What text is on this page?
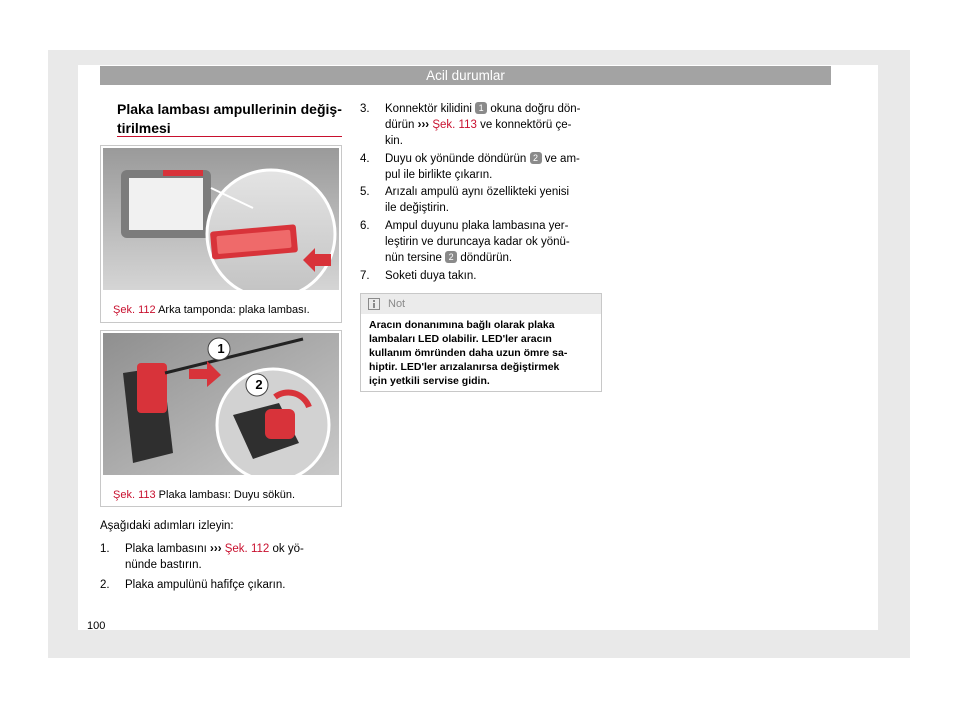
Acil durumlar
Plaka lambası ampullerinin değiş-
tirilmesi
B5F-0471
Şek. 112 Arka tamponda: plaka lambası.
1
2
B5F-0472
Şek. 113 Plaka lambası: Duyu sökün.
Aşağıdaki adımları izleyin:
1. Plaka lambasını ››› Şek. 112 ok yö-
nünde bastırın.
2. Plaka ampulünü hafifçe çıkarın.
3. Konnektör kilidini 1 okuna doğru dön-
dürün ››› Şek. 113 ve konnektörü çe-
kin.
4. Duyu ok yönünde döndürün 2 ve am-
pul ile birlikte çıkarın.
5. Arızalı ampulü aynı özellikteki yenisi
ile değiştirin.
6. Ampul duyunu plaka lambasına yer-
leştirin ve duruncaya kadar ok yönü-
nün tersine 2 döndürün.
7. Soketi duya takın.
Not
Aracın donanımına bağlı olarak plaka
lambaları LED olabilir. LED'ler aracın
kullanım ömründen daha uzun ömre sa-
hiptir. LED'ler arızalanırsa değiştirmek
için yetkili servise gidin.
100
